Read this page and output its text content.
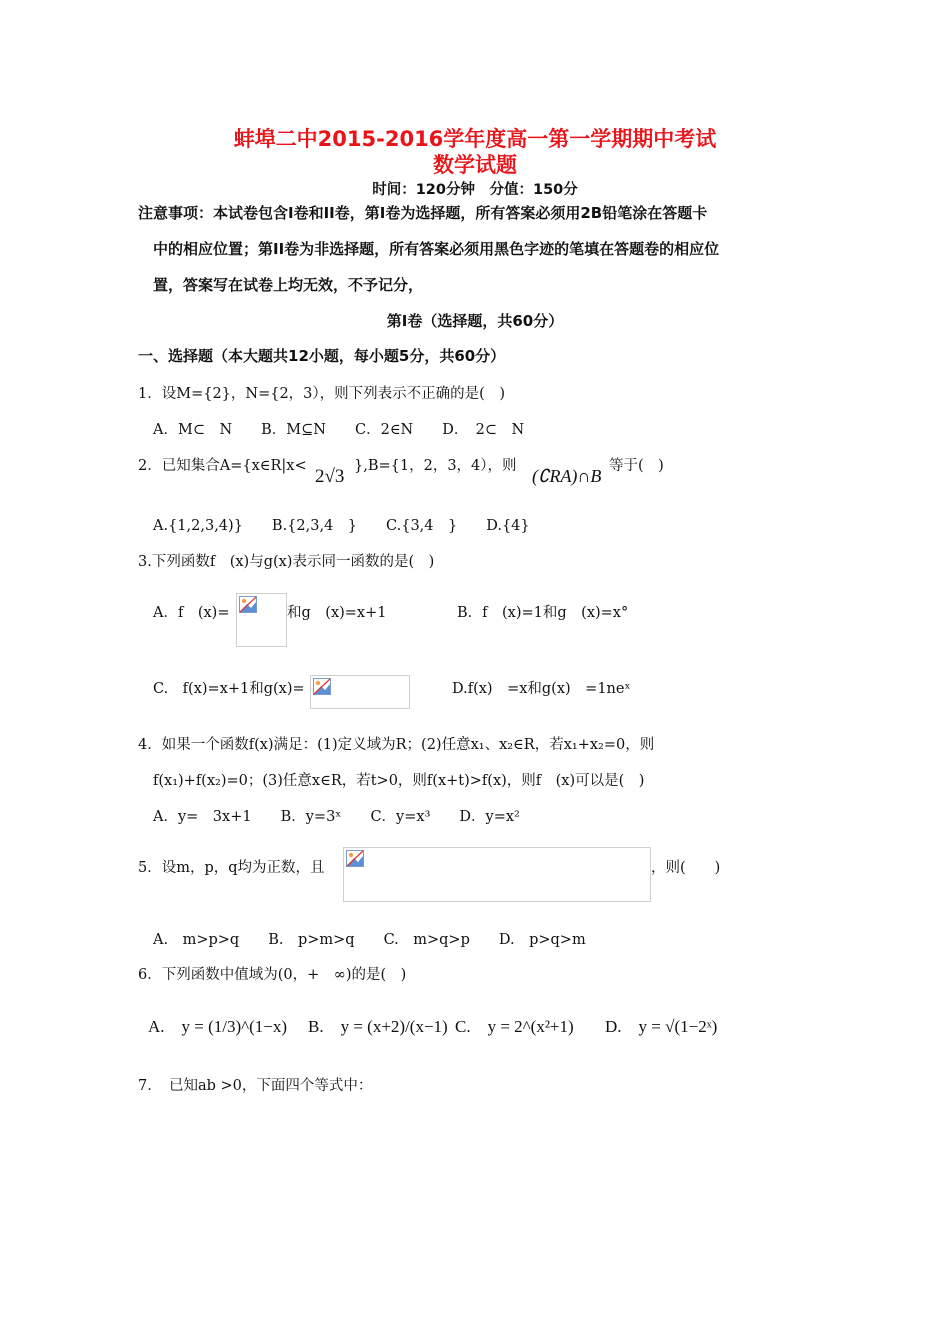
蚌埠二中2015-2016学年度高一第一学期期中考试
数学试题
时间：120分钟　分值：150分
注意事项：本试卷包含Ⅰ卷和II卷，第Ⅰ卷为选择题，所有答案必须用2B铅笔涂在答题卡
中的相应位置；第II卷为非选择题，所有答案必须用黑色字迹的笔填在答题卷的相应位
置，答案写在试卷上均无效，不予记分，
第Ⅰ卷（选择题，共60分）
一、选择题（本大题共12小题，每小题5分，共60分）
1．设M={2}，N={2，3），则下列表示不正确的是(　)
A．M⊂　N　　B．M⊆N　　C．2∈N　　D．　2⊂　N
2．已知集合A={x∈R|x< 2√3 },B={1，2，3，4），则 (∁RA)∩B 等于(　)
A.{1,2,3,4)}　　B.{2,3,4　}　　C.{3,4　}　　D.{4}
3.下列函数f　(x)与g(x)表示同一函数的是(　)
A．f　(x)=	和g　(x)=x+1	B．f　(x)=1和g　(x)=x°
C.　f(x)=x+1和g(x)=	D.f(x)　=x和g(x)　=1neˣ
4．如果一个函数f(x)满足：(1)定义域为R；(2)任意x₁、x₂∈R，若x₁+x₂=0，则
f(x₁)+f(x₂)=0；(3)任意x∈R，若t>0，则f(x+t)>f(x)，则f　(x)可以是(　)
A．y=　3x+1　　B．y=3ˣ　　C．y=x³　　D．y=x²
5．设m，p，q均为正数，且	，则(　　)
A.　m>p>q　　B.　p>m>q　　C.　m>q>p　　D.　p>q>m
6．下列函数中值域为(0，+　∞)的是(　)
A.　y = (1/3)^(1−x) B.　y = (x+2)/(x−1) C.　y = 2^(x²+1) D.　y = √(1−2ˣ)
7．　已知ab >0，下面四个等式中：
